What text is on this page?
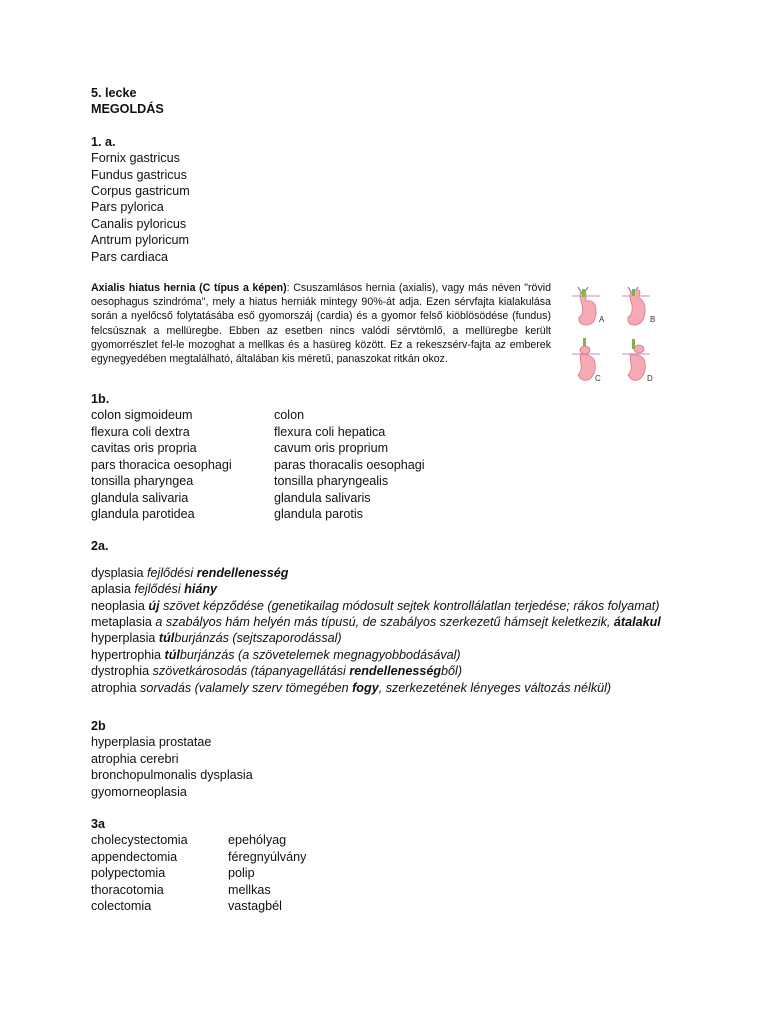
5. lecke
MEGOLDÁS
1. a.
Fornix gastricus
Fundus gastricus
Corpus gastricum
Pars pylorica
Canalis pyloricus
Antrum pyloricum
Pars cardiaca
Axialis hiatus hernia (C típus a képen): Csuszamlásos hernia (axialis), vagy más néven "rövid oesophagus szindróma", mely a hiatus herniák mintegy 90%-át adja. Ezen sérvfajta kialakulása során a nyelőcső folytatásába eső gyomorszáj (cardia) és a gyomor felső kiöblösödése (fundus) felcsúsznak a mellüregbe. Ebben az esetben nincs valódi sérvtömlő, a mellüregbe került gyomorrészlet fel-le mozoghat a mellkas és a hasüreg között. Ez a rekeszsérv-fajta az emberek egynegyedében megtalálható, általában kis méretű, panaszokat ritkán okoz.
A	B
C	D
1b.
colon sigmoideum	colon
flexura coli dextra	flexura coli hepatica
cavitas oris propria	cavum oris proprium
pars thoracica oesophagi	paras thoracalis oesophagi
tonsilla pharyngea	tonsilla pharyngealis
glandula salivaria	glandula salivaris
glandula parotidea	glandula parotis
2a.
dysplasia fejlődési rendellenesség
aplasia fejlődési hiány
neoplasia új szövet képződése (genetikailag módosult sejtek kontrollálatlan terjedése; rákos folyamat)
metaplasia a szabályos hám helyén más típusú, de szabályos szerkezetű hámsejt keletkezik, átalakul
hyperplasia túlburjánzás (sejtszaporodással)
hypertrophia túlburjánzás (a szövetelemek megnagyobbodásával)
dystrophia szövetkárosodás (tápanyagellátási rendellenességből)
atrophia sorvadás (valamely szerv tömegében fogy, szerkezetének lényeges változás nélkül)
2b
hyperplasia prostatae
atrophia cerebri
bronchopulmonalis dysplasia
gyomorneoplasia
3a
cholecystectomia	epehólyag
appendectomia	féregnyúlvány
polypectomia	polip
thoracotomia	mellkas
colectomia	vastagbél
